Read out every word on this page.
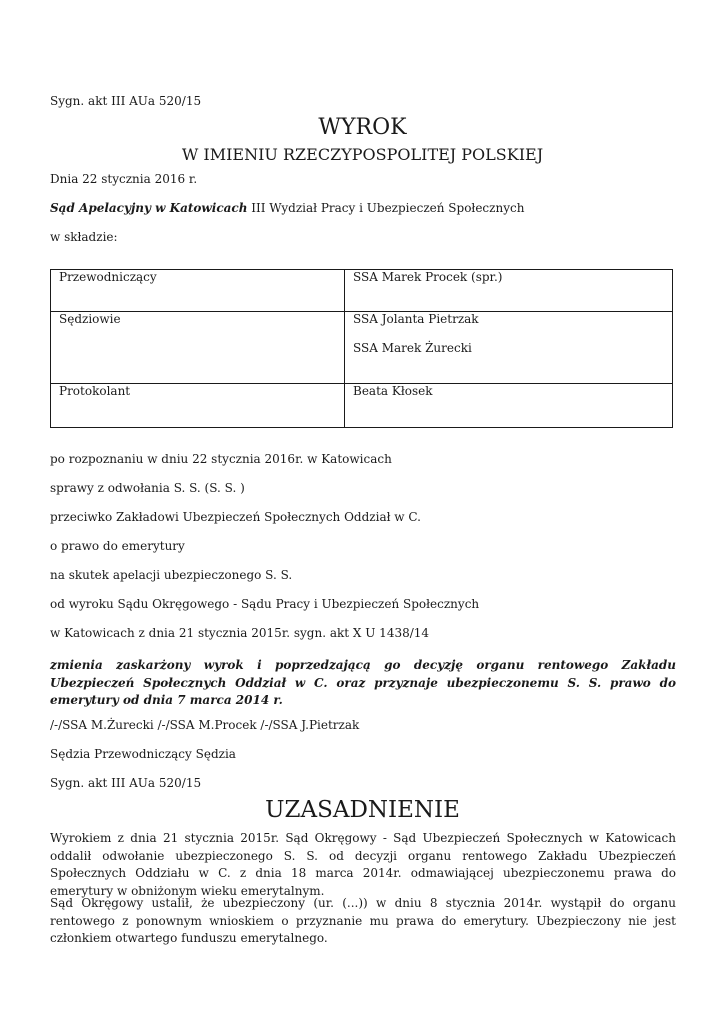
Sygn. akt III AUa 520/15

WYROK
W IMIENIU RZECZYPOSPOLITEJ POLSKIEJ

Dnia 22 stycznia 2016 r.

Sąd Apelacyjny w Katowicach III Wydział Pracy i Ubezpieczeń Społecznych

w składzie:

Przewodniczący	SSA Marek Procek (spr.)
Sędziowie	SSA Jolanta Pietrzak

SSA Marek Żurecki

Protokolant	Beata Kłosek

po rozpoznaniu w dniu 22 stycznia 2016r. w Katowicach

sprawy z odwołania S. S. (S. S. )

przeciwko Zakładowi Ubezpieczeń Społecznych Oddział w C.

o prawo do emerytury

na skutek apelacji ubezpieczonego S. S.

od wyroku Sądu Okręgowego - Sądu Pracy i Ubezpieczeń Społecznych

w Katowicach z dnia 21 stycznia 2015r. sygn. akt X U 1438/14

zmienia zaskarżony wyrok i poprzedzającą go decyzję organu rentowego Zakładu Ubezpieczeń Społecznych Oddział w C. oraz przyznaje ubezpieczonemu S. S. prawo do emerytury od dnia 7 marca 2014 r.

/-/SSA M.Żurecki /-/SSA M.Procek /-/SSA J.Pietrzak

Sędzia Przewodniczący Sędzia

Sygn. akt III AUa 520/15

UZASADNIENIE

Wyrokiem z dnia 21 stycznia 2015r. Sąd Okręgowy - Sąd Ubezpieczeń Społecznych w Katowicach oddalił odwołanie ubezpieczonego S. S. od decyzji organu rentowego Zakładu Ubezpieczeń Społecznych Oddziału w C. z dnia 18 marca 2014r. odmawiającej ubezpieczonemu prawa do emerytury w obniżonym wieku emerytalnym.

Sąd Okręgowy ustalił, że ubezpieczony (ur. (...)) w dniu 8 stycznia 2014r. wystąpił do organu rentowego z ponownym wnioskiem o przyznanie mu prawa do emerytury. Ubezpieczony nie jest członkiem otwartego funduszu emerytalnego.
